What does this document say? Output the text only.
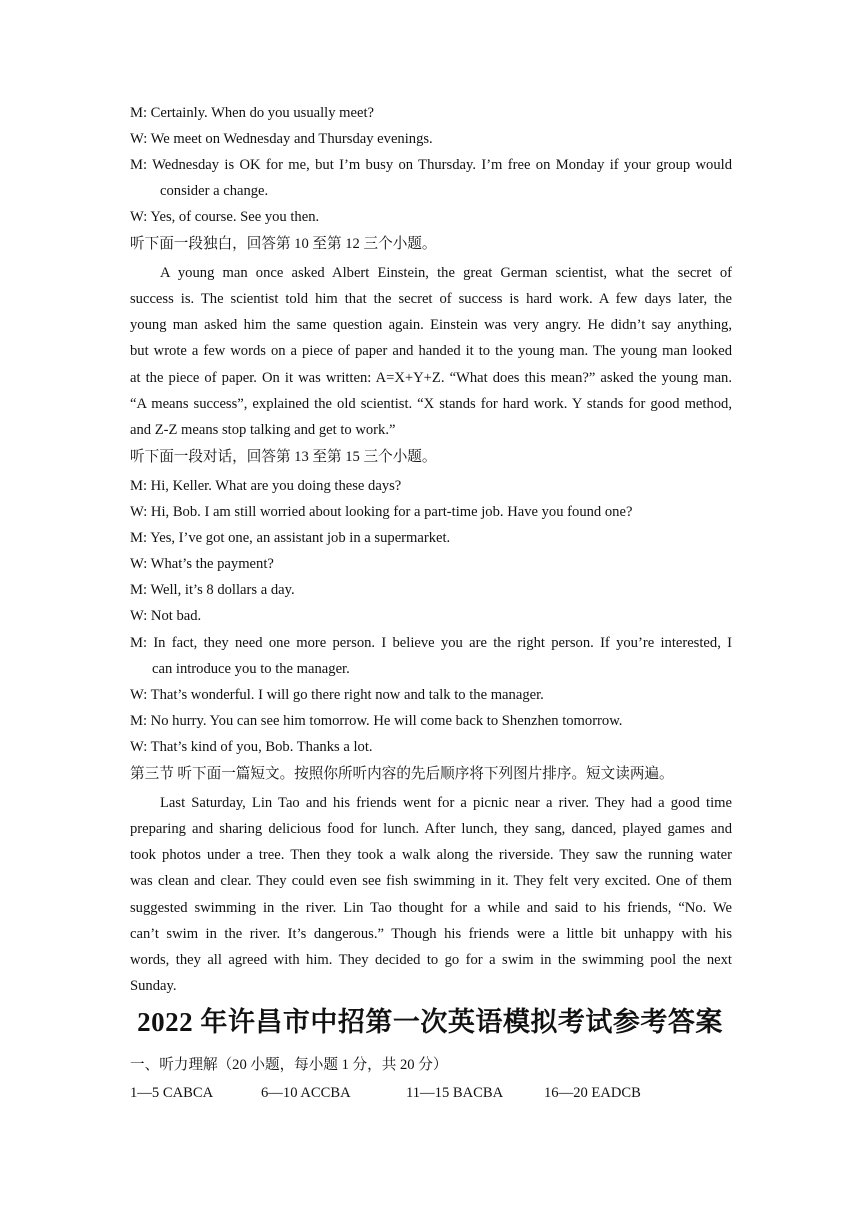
M: Certainly. When do you usually meet?
W: We meet on Wednesday and Thursday evenings.
M: Wednesday is OK for me, but I’m busy on Thursday. I’m free on Monday if your group would
consider a change.
W: Yes, of course. See you then.
听下面一段独白，回答第 10 至第 12 三个小题。
A young man once asked Albert Einstein, the great German scientist, what the secret of
success is. The scientist told him that the secret of success is hard work. A few days later, the
young man asked him the same question again. Einstein was very angry. He didn’t say anything,
but wrote a few words on a piece of paper and handed it to the young man. The young man looked
at the piece of paper. On it was written: A=X+Y+Z. “What does this mean?” asked the young man.
“A means success”, explained the old scientist. “X stands for hard work. Y stands for good method,
and Z-Z means stop talking and get to work.”
听下面一段对话，回答第 13 至第 15 三个小题。
M: Hi, Keller. What are you doing these days?
W: Hi, Bob. I am still worried about looking for a part-time job. Have you found one?
M: Yes, I’ve got one, an assistant job in a supermarket.
W: What’s the payment?
M: Well, it’s 8 dollars a day.
W: Not bad.
M: In fact, they need one more person. I believe you are the right person. If you’re interested, I
can introduce you to the manager.
W: That’s wonderful. I will go there right now and talk to the manager.
M: No hurry. You can see him tomorrow. He will come back to Shenzhen tomorrow.
W: That’s kind of you, Bob. Thanks a lot.
第三节 听下面一篇短文。按照你所听内容的先后顺序将下列图片排序。短文读两遍。
Last Saturday, Lin Tao and his friends went for a picnic near a river. They had a good time
preparing and sharing delicious food for lunch. After lunch, they sang, danced, played games and
took photos under a tree. Then they took a walk along the riverside. They saw the running water
was clean and clear. They could even see fish swimming in it. They felt very excited. One of them
suggested swimming in the river. Lin Tao thought for a while and said to his friends, “No. We
can’t swim in the river. It’s dangerous.” Though his friends were a little bit unhappy with his
words, they all agreed with him. They decided to go for a swim in the swimming pool the next
Sunday.
2022 年许昌市中招第一次英语模拟考试参考答案
一、听力理解（20 小题，每小题 1 分，共 20 分）
1—5 CABCA	6—10 ACCBA	11—15 BACBA	16—20 EADCB
